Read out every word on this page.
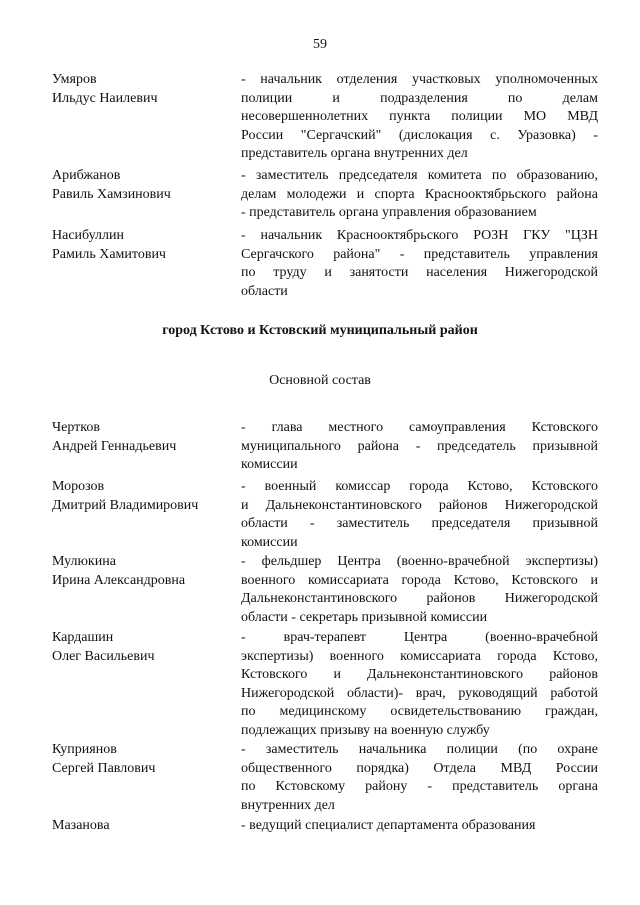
59
Умяров
Ильдус Наилевич
- начальник отделения участковых уполномоченных
полиции и подразделения по делам
несовершеннолетних пункта полиции МО МВД
России "Сергачский" (дислокация с. Уразовка) -
представитель органа внутренних дел
Арибжанов
Равиль Хамзинович
- заместитель председателя комитета по образованию,
делам молодежи и спорта Краснооктябрьского района
- представитель органа управления образованием
Насибуллин
Рамиль Хамитович
- начальник Краснооктябрьского РОЗН ГКУ "ЦЗН
Сергачского района" - представитель управления
по труду и занятости населения Нижегородской
области
город Кстово и Кстовский муниципальный район
Основной состав
Чертков
Андрей Геннадьевич
- глава местного самоуправления Кстовского
муниципального района - председатель призывной
комиссии
Морозов
Дмитрий Владимирович
- военный комиссар города Кстово, Кстовского
и Дальнеконстантиновского районов Нижегородской
области - заместитель председателя призывной
комиссии
Мулюкина
Ирина Александровна
- фельдшер Центра (военно-врачебной экспертизы)
военного комиссариата города Кстово, Кстовского и
Дальнеконстантиновского районов Нижегородской
области - секретарь призывной комиссии
Кардашин
Олег Васильевич
- врач-терапевт Центра (военно-врачебной
экспертизы) военного комиссариата города Кстово,
Кстовского и Дальнеконстантиновского районов
Нижегородской области)- врач, руководящий работой
по медицинскому освидетельствованию граждан,
подлежащих призыву на военную службу
Куприянов
Сергей Павлович
- заместитель начальника полиции (по охране
общественного порядка) Отдела МВД России
по Кстовскому району - представитель органа
внутренних дел
Мазанова	- ведущий специалист департамента образования
